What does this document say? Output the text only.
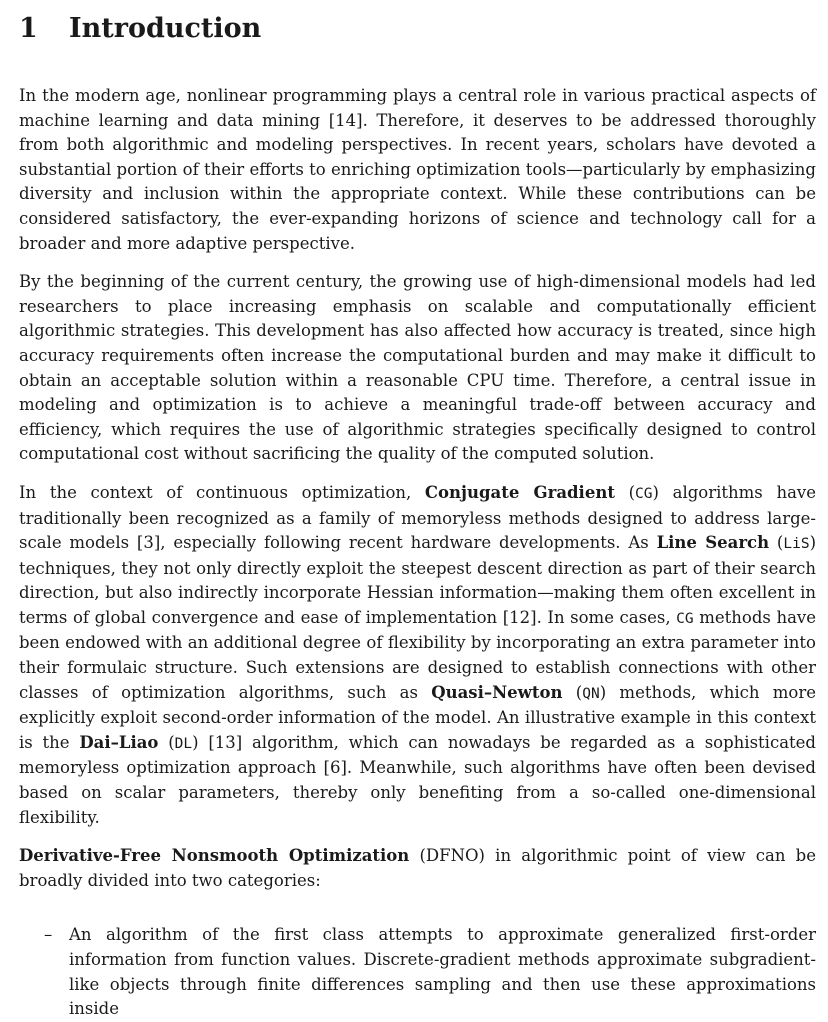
1 Introduction

In the modern age, nonlinear programming plays a central role in various practical aspects of machine learning and data mining [14]. Therefore, it deserves to be addressed thoroughly from both algorithmic and modeling perspectives. In recent years, scholars have devoted a substantial portion of their efforts to enriching optimization tools—particularly by emphasizing diversity and inclusion within the appropriate context. While these contributions can be considered satisfactory, the ever-expanding horizons of science and technology call for a broader and more adaptive perspective.

By the beginning of the current century, the growing use of high-dimensional models had led researchers to place increasing emphasis on scalable and computationally efficient algorithmic strategies. This development has also affected how accuracy is treated, since high accuracy requirements often increase the computational burden and may make it difficult to obtain an acceptable solution within a reasonable CPU time. Therefore, a central issue in modeling and optimization is to achieve a meaningful trade-off between accuracy and efficiency, which requires the use of algorithmic strategies specifically designed to control computational cost without sacrificing the quality of the computed solution.

In the context of continuous optimization, Conjugate Gradient (CG) algorithms have traditionally been recognized as a family of memoryless methods designed to address large-scale models [3], especially following recent hardware developments. As Line Search (LiS) techniques, they not only directly exploit the steepest descent direction as part of their search direction, but also indirectly incorporate Hessian information—making them often excellent in terms of global convergence and ease of implementation [12]. In some cases, CG methods have been endowed with an additional degree of flexibility by incorporating an extra parameter into their formulaic structure. Such extensions are designed to establish connections with other classes of optimization algorithms, such as Quasi–Newton (QN) methods, which more explicitly exploit second-order information of the model. An illustrative example in this context is the Dai–Liao (DL) [13] algorithm, which can nowadays be regarded as a sophisticated memoryless optimization approach [6]. Meanwhile, such algorithms have often been devised based on scalar parameters, thereby only benefiting from a so-called one-dimensional flexibility.

Derivative-Free Nonsmooth Optimization (DFNO) in algorithmic point of view can be broadly divided into two categories:

– An algorithm of the first class attempts to approximate generalized first-order information from function values. Discrete-gradient methods approximate subgradient-like objects through finite differences sampling and then use these approximations inside
